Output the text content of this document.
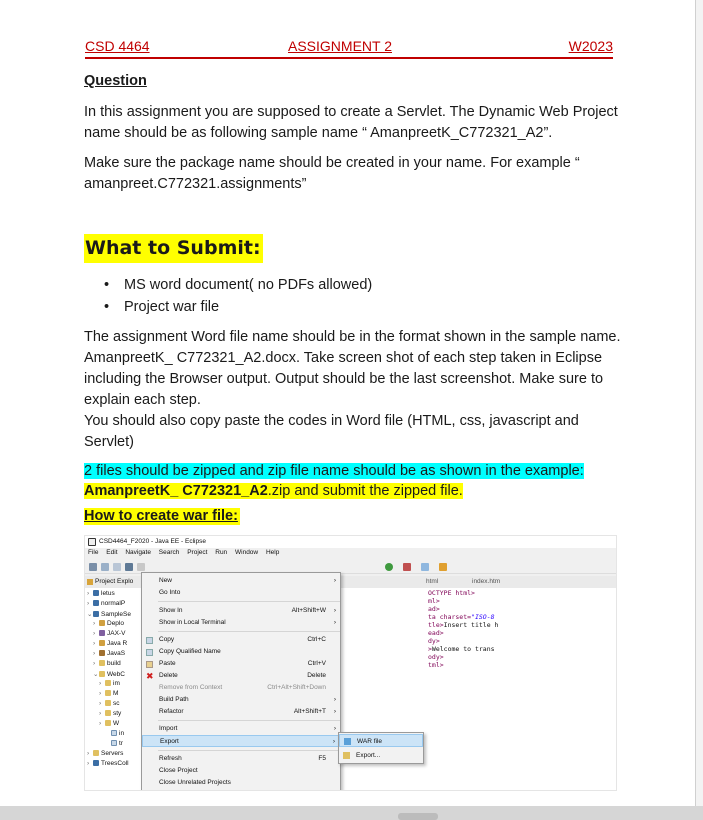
CSD 4464	ASSIGNMENT 2	W2023
Question

In this assignment you are supposed to create a Servlet. The Dynamic Web Project name should be as following sample name “ AmanpreetK_C772321_A2”.

Make sure the package name should be created in your name. For example “ amanpreet.C772321.assignments”

What to Submit:
• MS word document( no PDFs allowed)
• Project war file
The assignment Word file name should be in the format shown in the sample name. AmanpreetK_ C772321_A2.docx. Take screen shot of each step taken in Eclipse including the Browser output. Output should be the last screenshot. Make sure to explain each step.
You should also copy paste the codes in Word file (HTML, css, javascript and Servlet)
2 files should be zipped and zip file name should be as shown in the example:
AmanpreetK_ C772321_A2.zip and submit the zipped file.
How to create war file:
CSD4464_F2020 - Java EE - Eclipse
File Edit Navigate Search Project Run Window Help
Project Explo
› letus
› normalP
⌄ SampleSe
› Deplo
› JAX-V
› Java R
› JavaS
› build
⌄ WebC
› im
› M
› sc
› sty
› W
in
tr
› Servers
› TreesColl
html	index.htm
OCTYPE html>
ml>
ad>
ta charset="ISO-8
tle>Insert title h
ead>
dy>
>Welcome to trans
ody>
tml>
New	›
Go Into
Show In	Alt+Shift+W ›
Show in Local Terminal	›
Copy	Ctrl+C
Copy Qualified Name
Paste	Ctrl+V
✖ Delete	Delete
Remove from Context	Ctrl+Alt+Shift+Down
Build Path	›
Refactor	Alt+Shift+T ›
Import	›
Export	›
Refresh	F5
Close Project
Close Unrelated Projects
WAR file
Export...
